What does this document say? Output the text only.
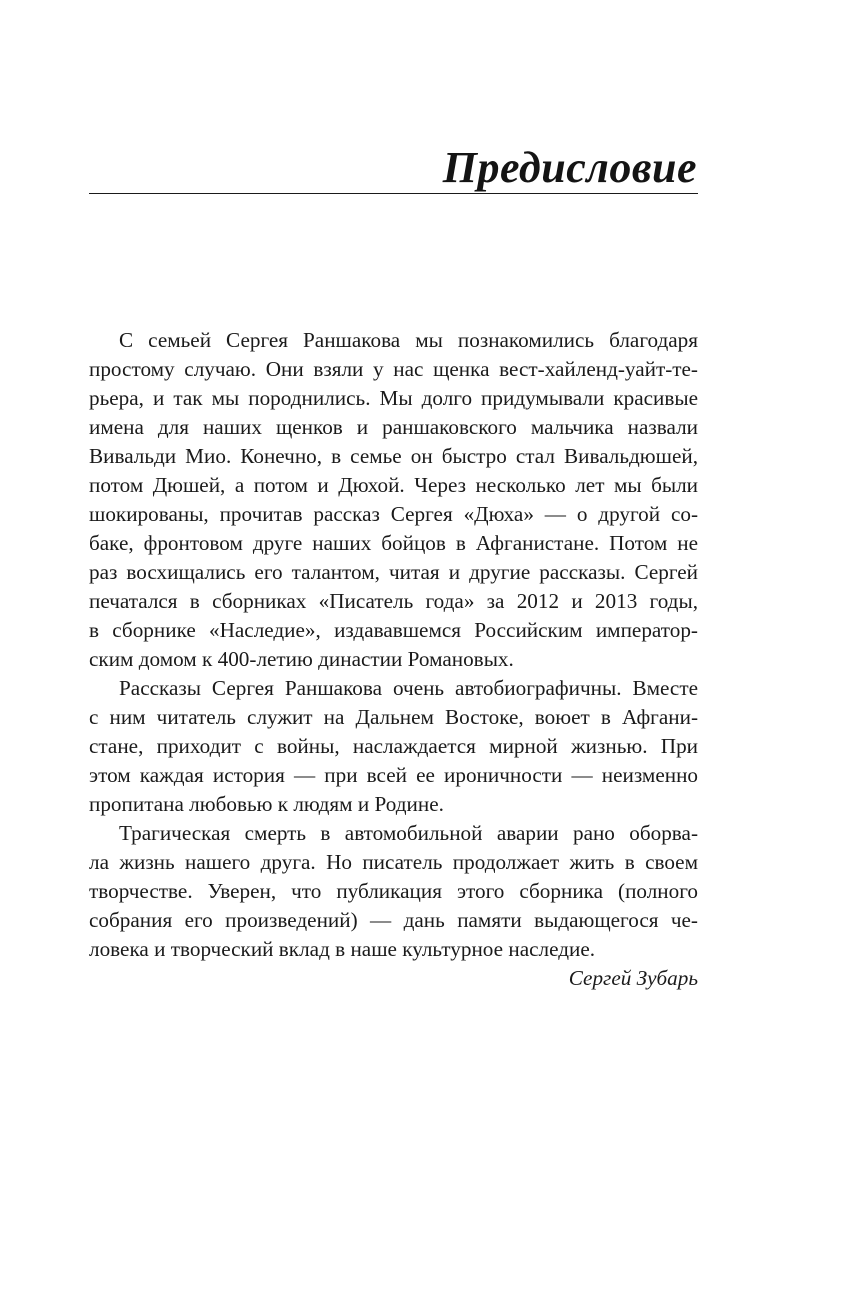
Предисловие
С семьей Сергея Раншакова мы познакомились благодаря
простому случаю. Они взяли у нас щенка вест-хайленд-уайт-те-
рьера, и так мы породнились. Мы долго придумывали красивые
имена для наших щенков и раншаковского мальчика назвали
Вивальди Мио. Конечно, в семье он быстро стал Вивальдюшей,
потом Дюшей, а потом и Дюхой. Через несколько лет мы были
шокированы, прочитав рассказ Сергея «Дюха» — о другой со-
баке, фронтовом друге наших бойцов в Афганистане. Потом не
раз восхищались его талантом, читая и другие рассказы. Сергей
печатался в сборниках «Писатель года» за 2012 и 2013 годы,
в сборнике «Наследие», издававшемся Российским император-
ским домом к 400-летию династии Романовых.
Рассказы Сергея Раншакова очень автобиографичны. Вместе
с ним читатель служит на Дальнем Востоке, воюет в Афгани-
стане, приходит с войны, наслаждается мирной жизнью. При
этом каждая история — при всей ее ироничности — неизменно
пропитана любовью к людям и Родине.
Трагическая смерть в автомобильной аварии рано оборва-
ла жизнь нашего друга. Но писатель продолжает жить в своем
творчестве. Уверен, что публикация этого сборника (полного
собрания его произведений) — дань памяти выдающегося че-
ловека и творческий вклад в наше культурное наследие.
Сергей Зубарь
